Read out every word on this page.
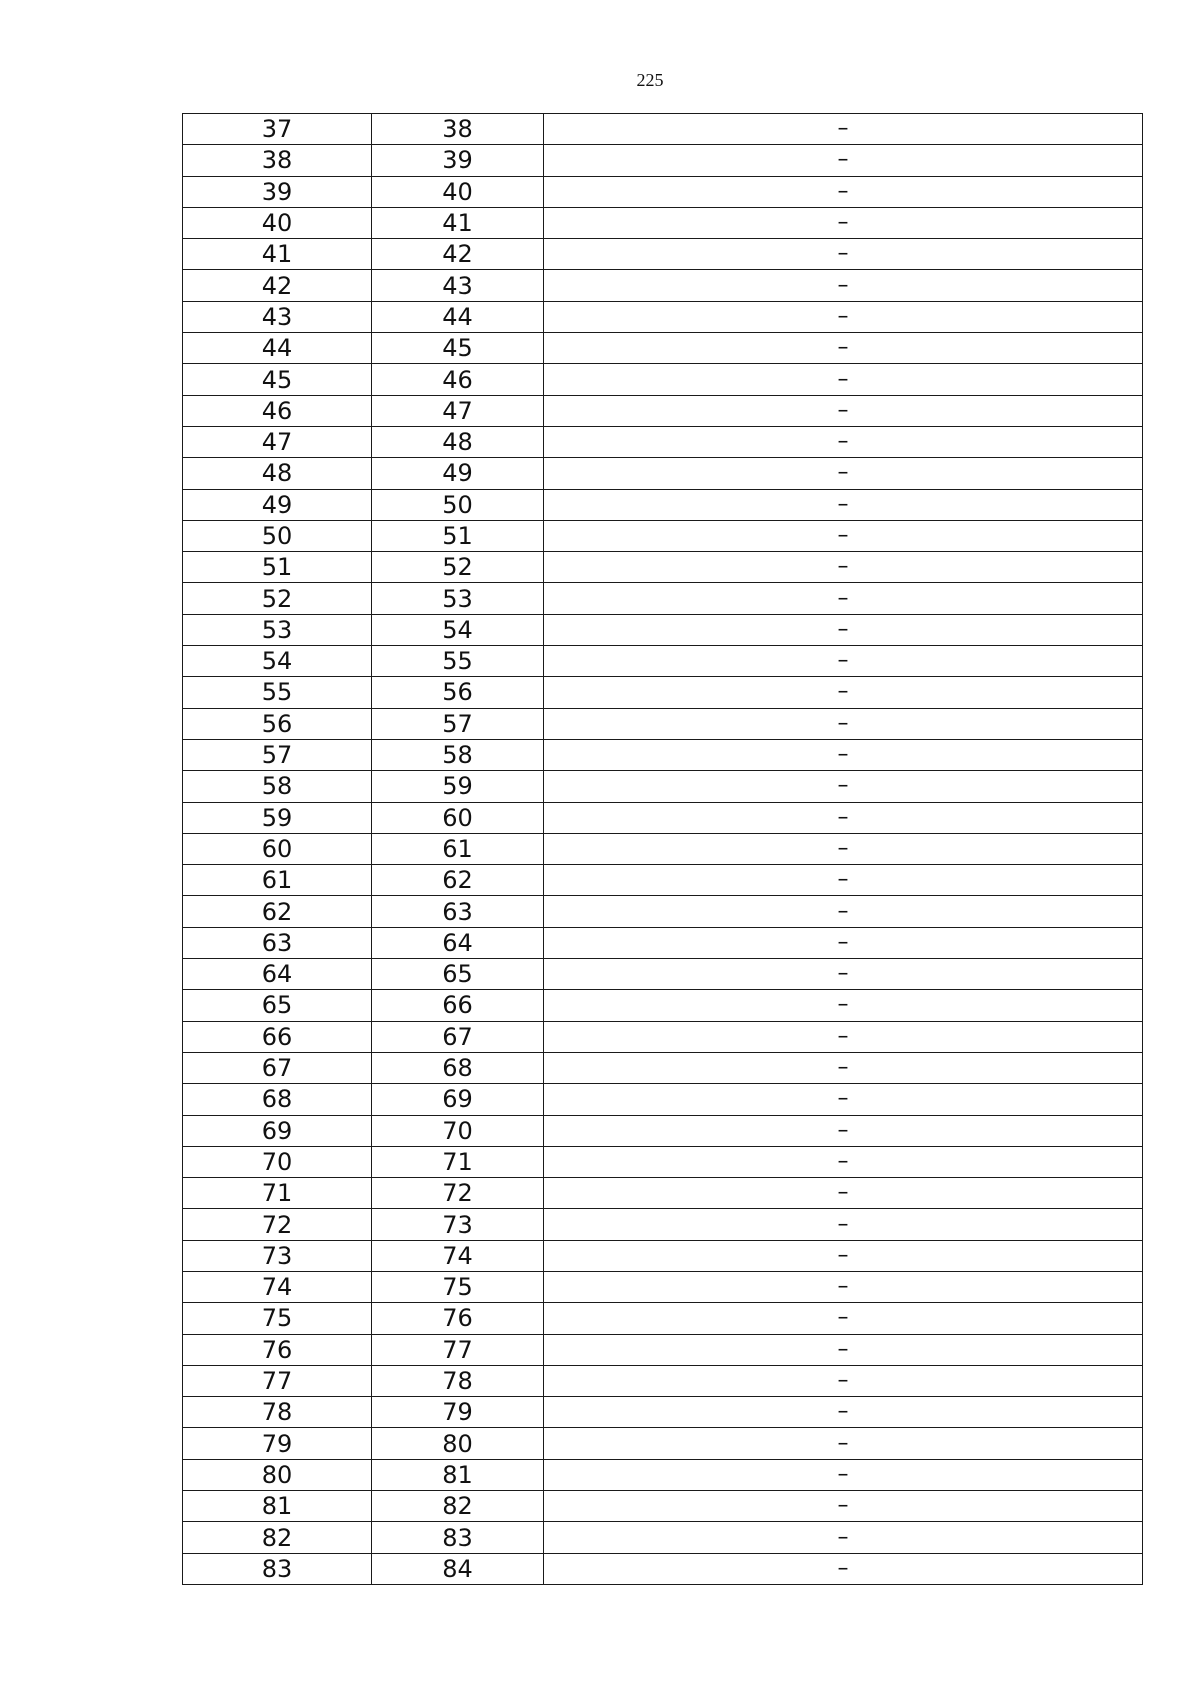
225
37	38	–
38	39	–
39	40	–
40	41	–
41	42	–
42	43	–
43	44	–
44	45	–
45	46	–
46	47	–
47	48	–
48	49	–
49	50	–
50	51	–
51	52	–
52	53	–
53	54	–
54	55	–
55	56	–
56	57	–
57	58	–
58	59	–
59	60	–
60	61	–
61	62	–
62	63	–
63	64	–
64	65	–
65	66	–
66	67	–
67	68	–
68	69	–
69	70	–
70	71	–
71	72	–
72	73	–
73	74	–
74	75	–
75	76	–
76	77	–
77	78	–
78	79	–
79	80	–
80	81	–
81	82	–
82	83	–
83	84	–
